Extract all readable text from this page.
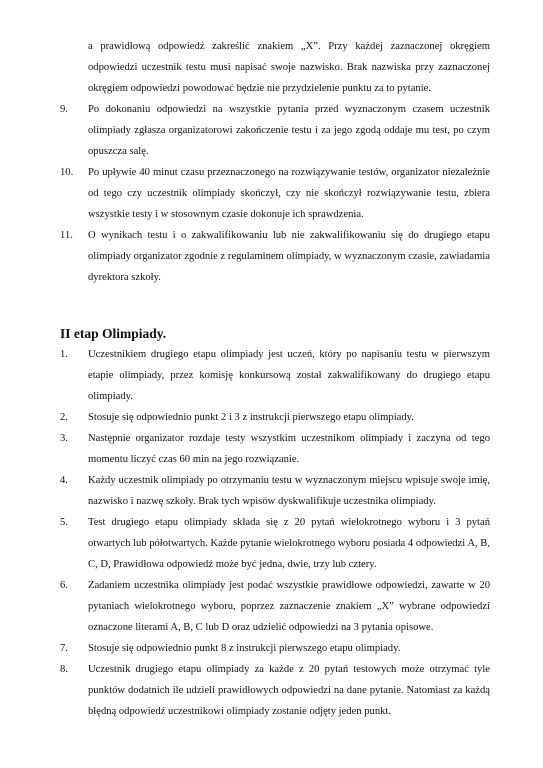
a prawidłową odpowiedź zakreślić znakiem „X”. Przy każdej zaznaczonej okręgiem odpowiedzi uczestnik testu musi napisać swoje nazwisko. Brak nazwiska przy zaznaczonej okręgiem odpowiedzi powodować będzie nie przydzielenie punktu za to pytanie.
9. Po dokonaniu odpowiedzi na wszystkie pytania przed wyznaczonym czasem uczestnik olimpiady zgłasza organizatorowi zakończenie testu i za jego zgodą oddaje mu test, po czym opuszcza salę.
10. Po upływie 40 minut czasu przeznaczonego na rozwiązywanie testów, organizator niezależnie od tego czy uczestnik olimpiady skończył, czy nie skończył rozwiązywanie testu, zbiera wszystkie testy i w stosownym czasie dokonuje ich sprawdzenia.
11. O wynikach testu i o zakwalifikowaniu lub nie zakwalifikowaniu się do drugiego etapu olimpiady organizator zgodnie z regulaminem olimpiady, w wyznaczonym czasie, zawiadamia dyrektora szkoły.
II etap Olimpiady.
1. Uczestnikiem drugiego etapu olimpiady jest uczeń, który po napisaniu testu w pierwszym etapie olimpiady, przez komisję konkursową został zakwalifikowany do drugiego etapu olimpiady.
2. Stosuje się odpowiednio punkt 2 i 3 z instrukcji pierwszego etapu olimpiady.
3. Następnie organizator rozdaje testy wszystkim uczestnikom olimpiady i zaczyna od tego momentu liczyć czas 60 min na jego rozwiązanie.
4. Każdy uczestnik olimpiady po otrzymaniu testu w wyznaczonym miejscu wpisuje swoje imię, nazwisko i nazwę szkoły. Brak tych wpisów dyskwalifikuje uczestnika olimpiady.
5. Test drugiego etapu olimpiady składa się z 20 pytań wielokrotnego wyboru i 3 pytań otwartych lub półotwartych. Każde pytanie wielokrotnego wyboru posiada 4 odpowiedzi A, B, C, D, Prawidłowa odpowiedź może być jedna, dwie, trzy lub cztery.
6. Zadaniem uczestnika olimpiady jest podać wszystkie prawidłowe odpowiedzi, zawarte w 20 pytaniach wielokrotnego wyboru, poprzez zaznaczenie znakiem „X” wybrane odpowiedzi oznaczone literami A, B, C lub D oraz udzielić odpowiedzi na 3 pytania opisowe.
7. Stosuje się odpowiednio punkt 8 z instrukcji pierwszego etapu olimpiady.
8. Uczestnik drugiego etapu olimpiady za każde z 20 pytań testowych może otrzymać tyle punktów dodatnich ile udzieli prawidłowych odpowiedzi na dane pytanie. Natomiast za każdą błędną odpowiedź uczestnikowi olimpiady zostanie odjęty jeden punkt.
